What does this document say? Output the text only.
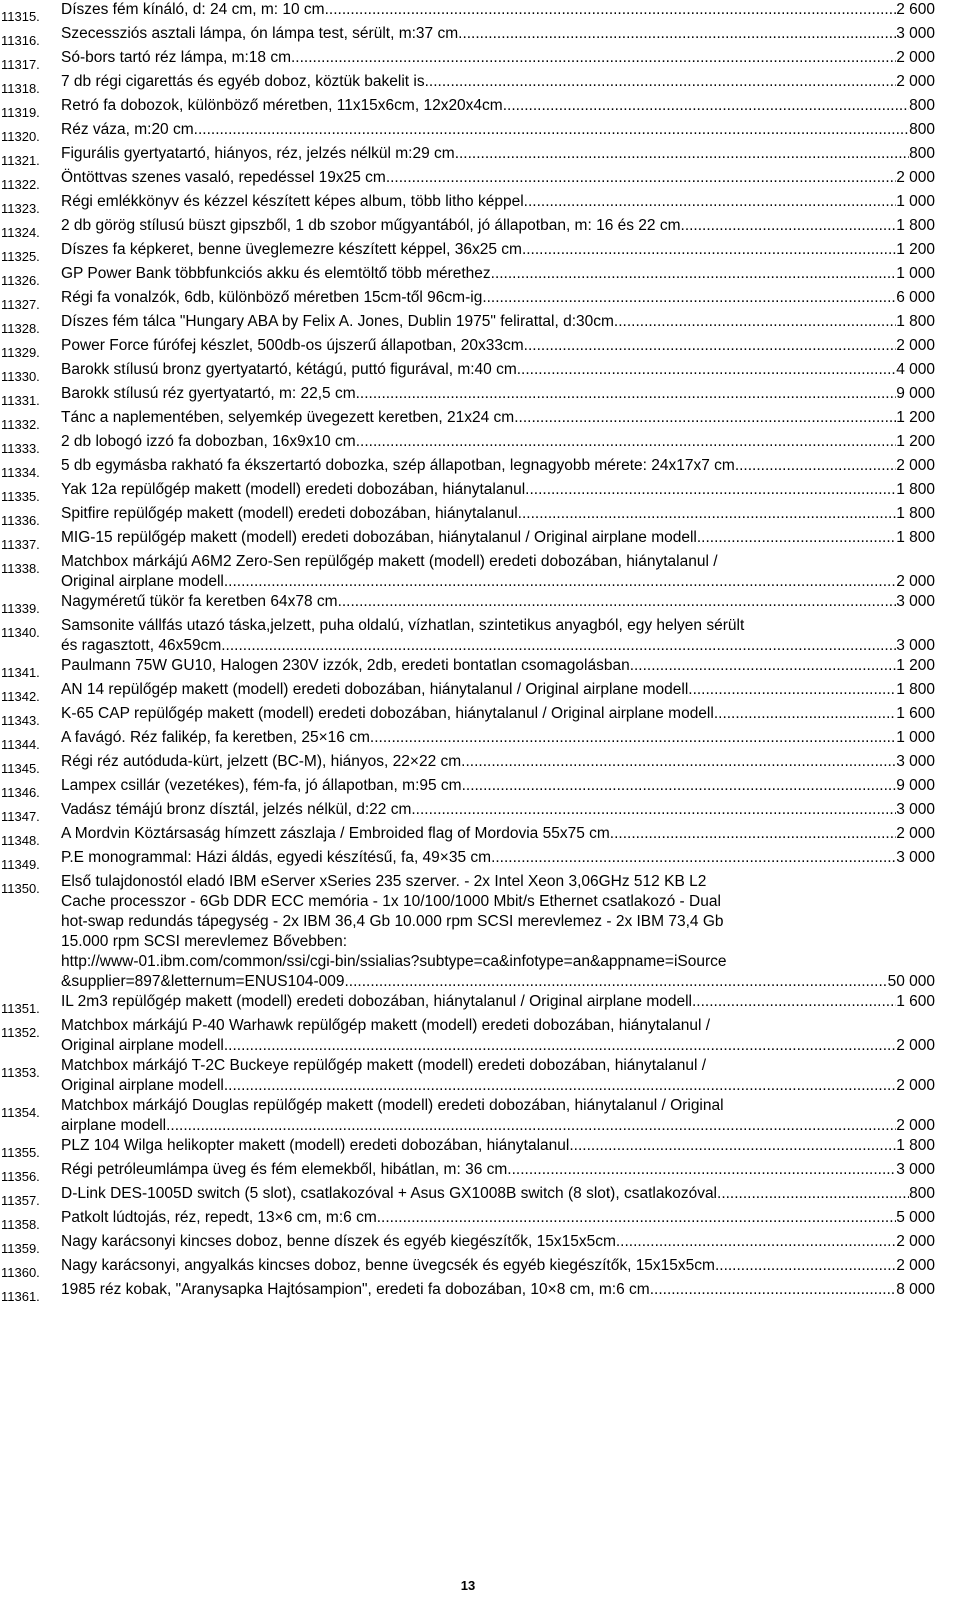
11315.	Díszes fém kínáló, d: 24 cm, m: 10 cm .....	2 600
11316.	Szecessziós asztali lámpa, ón lámpa test, sérült, m:37 cm .....	3 000
11317.	Só-bors tartó réz lámpa, m:18 cm .....	2 000
11318.	7 db régi cigarettás és egyéb doboz, köztük bakelit is .....	2 000
11319.	Retró fa dobozok, különböző méretben, 11x15x6cm, 12x20x4cm .....	800
11320.	Réz váza, m:20 cm .....	800
11321.	Figurális gyertyatartó, hiányos, réz, jelzés nélkül m:29 cm .....	800
11322.	Öntöttvas szenes vasaló, repedéssel 19x25 cm .....	2 000
11323.	Régi emlékkönyv és kézzel készített képes album, több litho képpel .....	1 000
11324.	2 db görög stílusú büszt gipszből, 1 db szobor műgyantából, jó állapotban, m: 16 és 22 cm .....	1 800
11325.	Díszes fa képkeret, benne üveglemezre készített képpel, 36x25 cm .....	1 200
11326.	GP Power Bank többfunkciós akku és elemtöltő több mérethez .....	1 000
11327.	Régi fa vonalzók, 6db, különböző méretben 15cm-től 96cm-ig .....	6 000
11328.	Díszes fém tálca "Hungary ABA by Felix A. Jones, Dublin 1975" felirattal, d:30cm .....	1 800
11329.	Power Force fúrófej készlet, 500db-os újszerű állapotban, 20x33cm .....	2 000
11330.	Barokk stílusú bronz gyertyatartó, kétágú, puttó figurával, m:40 cm .....	4 000
11331.	Barokk stílusú réz gyertyatartó, m: 22,5 cm .....	9 000
11332.	Tánc a naplementében, selyemkép üvegezett keretben, 21x24 cm .....	1 200
11333.	2 db lobogó izzó fa dobozban, 16x9x10 cm .....	1 200
11334.	5 db egymásba rakható fa ékszertartó dobozka, szép állapotban, legnagyobb mérete: 24x17x7 cm .....	2 000
11335.	Yak 12a repülőgép makett (modell) eredeti dobozában, hiánytalanul .....	1 800
11336.	Spitfire repülőgép makett (modell) eredeti dobozában, hiánytalanul .....	1 800
11337.	MIG-15 repülőgép makett (modell) eredeti dobozában, hiánytalanul / Original airplane modell .....	1 800
11338.	Matchbox márkájú A6M2 Zero-Sen repülőgép makett (modell) eredeti dobozában, hiánytalanul /
Original airplane modell .....	2 000
11339.	Nagyméretű tükör fa keretben 64x78 cm .....	3 000
11340.	Samsonite vállfás utazó táska,jelzett, puha oldalú, vízhatlan, szintetikus anyagból, egy helyen sérült
és ragasztott, 46x59cm .....	3 000
11341.	Paulmann 75W GU10, Halogen 230V izzók, 2db, eredeti bontatlan csomagolásban .....	1 200
11342.	AN 14 repülőgép makett (modell) eredeti dobozában, hiánytalanul / Original airplane modell .....	1 800
11343.	K-65 CAP repülőgép makett (modell) eredeti dobozában, hiánytalanul / Original airplane modell .....	1 600
11344.	A favágó. Réz falikép, fa keretben, 25×16 cm .....	1 000
11345.	Régi réz autóduda-kürt, jelzett (BC-M), hiányos, 22×22 cm .....	3 000
11346.	Lampex csillár (vezetékes), fém-fa, jó állapotban, m:95 cm .....	9 000
11347.	Vadász témájú bronz dísztál, jelzés nélkül, d:22 cm .....	3 000
11348.	A Mordvin Köztársaság hímzett zászlaja / Embroided flag of Mordovia 55x75 cm .....	2 000
11349.	P.E monogrammal: Házi áldás, egyedi készítésű, fa, 49×35 cm .....	3 000
11350.	Első tulajdonostól eladó IBM eServer xSeries 235 szerver. - 2x Intel Xeon 3,06GHz 512 KB L2
Cache processzor - 6Gb DDR ECC memória - 1x 10/100/1000 Mbit/s Ethernet csatlakozó - Dual
hot-swap redundás tápegység - 2x IBM 36,4 Gb 10.000 rpm SCSI merevlemez - 2x IBM 73,4 Gb
15.000 rpm SCSI merevlemez Bővebben:
http://www-01.ibm.com/common/ssi/cgi-bin/ssialias?subtype=ca&infotype=an&appname=iSource
&supplier=897&letternum=ENUS104-009 .....	50 000
11351.	IL 2m3 repülőgép makett (modell) eredeti dobozában, hiánytalanul / Original airplane modell .....	1 600
11352.	Matchbox márkájú P-40 Warhawk repülőgép makett (modell) eredeti dobozában, hiánytalanul /
Original airplane modell .....	2 000
11353.	Matchbox márkájó T-2C Buckeye repülőgép makett (modell) eredeti dobozában, hiánytalanul /
Original airplane modell .....	2 000
11354.	Matchbox márkájó Douglas repülőgép makett (modell) eredeti dobozában, hiánytalanul / Original
airplane modell .....	2 000
11355.	PLZ 104 Wilga helikopter makett (modell) eredeti dobozában, hiánytalanul .....	1 800
11356.	Régi petróleumlámpa üveg és fém elemekből, hibátlan, m: 36 cm .....	3 000
11357.	D-Link DES-1005D switch (5 slot), csatlakozóval + Asus GX1008B switch (8 slot), csatlakozóval .....	800
11358.	Patkolt lúdtojás, réz, repedt, 13×6 cm, m:6 cm .....	5 000
11359.	Nagy karácsonyi kincses doboz, benne díszek és egyéb kiegészítők, 15x15x5cm .....	2 000
11360.	Nagy karácsonyi, angyalkás kincses doboz, benne üvegcsék és egyéb kiegészítők, 15x15x5cm .....	2 000
11361.	1985 réz kobak, "Aranysapka Hajtósampion", eredeti fa dobozában, 10×8 cm, m:6 cm .....	8 000
13
